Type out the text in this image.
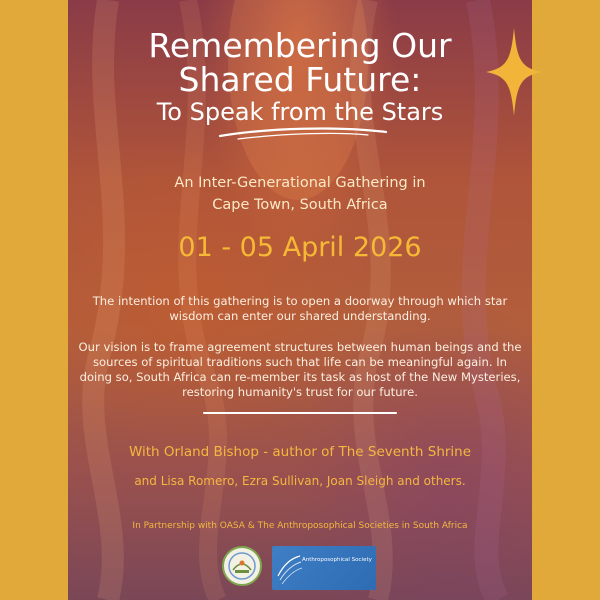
Remembering Our
Shared Future:
To Speak from the Stars
An Inter-Generational Gathering in
Cape Town, South Africa
01 - 05 April 2026

The intention of this gathering is to open a doorway through which star wisdom can enter our shared understanding.

Our vision is to frame agreement structures between human beings and the sources of spiritual traditions such that life can be meaningful again. In doing so, South Africa can re-member its task as host of the New Mysteries, restoring humanity's trust for our future.

With Orland Bishop - author of The Seventh Shrine
and Lisa Romero, Ezra Sullivan, Joan Sleigh and others.
In Partnership with OASA & The Anthroposophical Societies in South Africa
Anthroposophical Society
